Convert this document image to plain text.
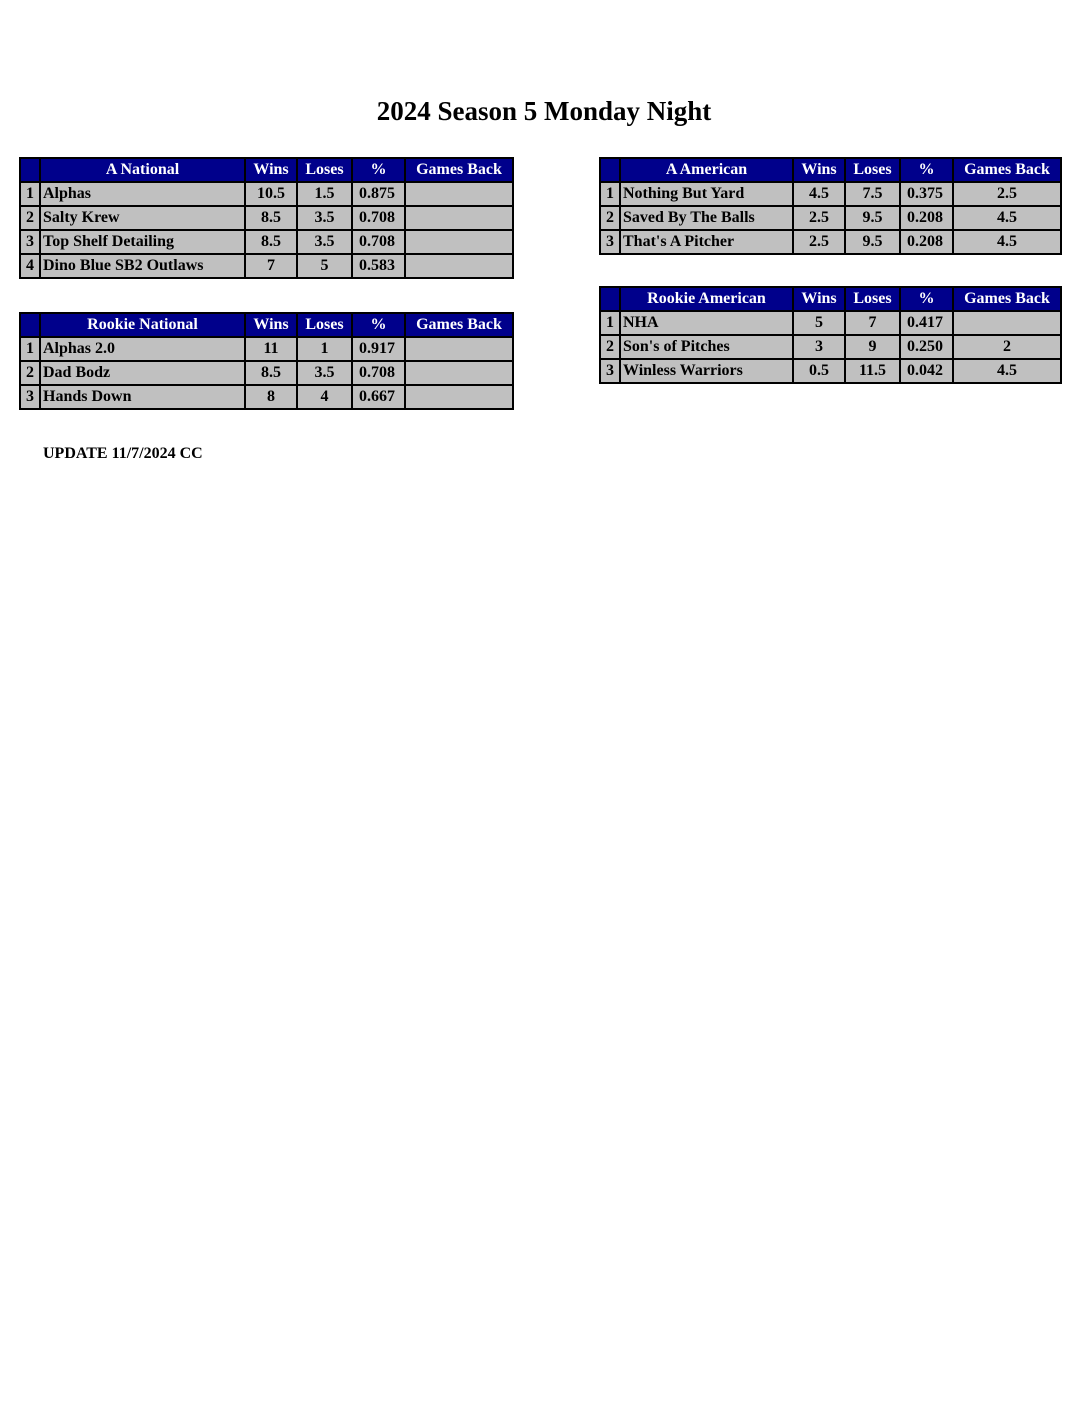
2024 Season 5 Monday Night
	A National	Wins	Loses	%	Games Back
1	Alphas	10.5	1.5	0.875	
2	Salty Krew	8.5	3.5	0.708	
3	Top Shelf Detailing	8.5	3.5	0.708	
4	Dino Blue SB2 Outlaws	7	5	0.583	
	Rookie National	Wins	Loses	%	Games Back
1	Alphas 2.0	11	1	0.917	
2	Dad Bodz	8.5	3.5	0.708	
3	Hands Down	8	4	0.667	
	A American	Wins	Loses	%	Games Back
1	Nothing But Yard	4.5	7.5	0.375	2.5
2	Saved By The Balls	2.5	9.5	0.208	4.5
3	That's A Pitcher	2.5	9.5	0.208	4.5
	Rookie American	Wins	Loses	%	Games Back
1	NHA	5	7	0.417	
2	Son's of Pitches	3	9	0.250	2
3	Winless Warriors	0.5	11.5	0.042	4.5
UPDATE 11/7/2024 CC
